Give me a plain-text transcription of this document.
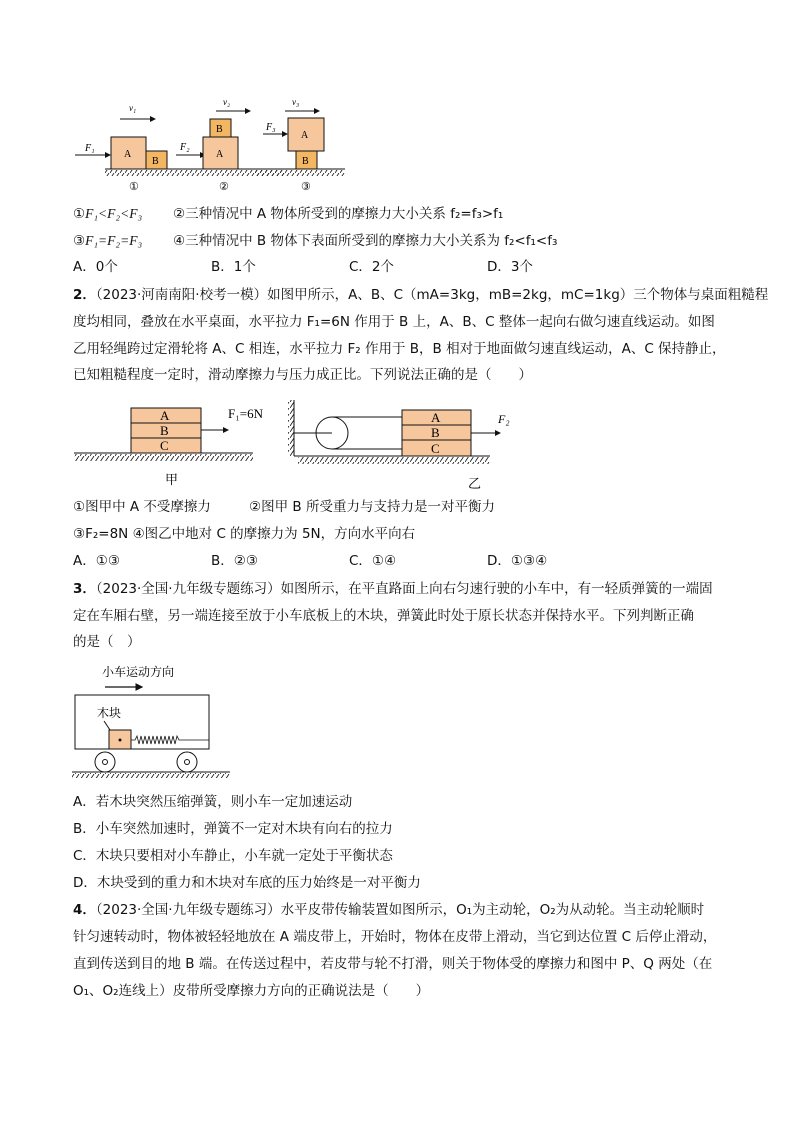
v₁
F₁
A
B
①
v₂
F₂
A
B
②
v₃
F₃
A
B
③
①F₁<F₂<F₃ ②三种情况中 A 物体所受到的摩擦力大小关系 f₂=f₃>f₁
③F₁=F₂=F₃ ④三种情况中 B 物体下表面所受到的摩擦力大小关系为 f₂<f₁<f₃
A．0个	B．1个	C．2个	D．3个
2．（2023·河南南阳·校考一模）如图甲所示，A、B、C（mA=3kg，mB=2kg，mC=1kg）三个物体与桌面粗糙程
度均相同，叠放在水平桌面，水平拉力 F₁=6N 作用于 B 上，A、B、C 整体一起向右做匀速直线运动。如图
乙用轻绳跨过定滑轮将 A、C 相连，水平拉力 F₂ 作用于 B，B 相对于地面做匀速直线运动，A、C 保持静止，
已知粗糙程度一定时，滑动摩擦力与压力成正比。下列说法正确的是（　　）
A
B
C
F₁=6N
甲
A
B
C
F₂
乙
①图甲中 A 不受摩擦力	②图甲 B 所受重力与支持力是一对平衡力
③F₂=8N ④图乙中地对 C 的摩擦力为 5N，方向水平向右
A．①③	B．②③	C．①④	D．①③④
3．（2023·全国·九年级专题练习）如图所示，在平直路面上向右匀速行驶的小车中，有一轻质弹簧的一端固
定在车厢右壁，另一端连接至放于小车底板上的木块，弹簧此时处于原长状态并保持水平。下列判断正确
的是（　）
小车运动方向
木块
A．若木块突然压缩弹簧，则小车一定加速运动
B．小车突然加速时，弹簧不一定对木块有向右的拉力
C．木块只要相对小车静止，小车就一定处于平衡状态
D．木块受到的重力和木块对车底的压力始终是一对平衡力
4．（2023·全国·九年级专题练习）水平皮带传输装置如图所示，O₁为主动轮，O₂为从动轮。当主动轮顺时
针匀速转动时，物体被轻轻地放在 A 端皮带上，开始时，物体在皮带上滑动，当它到达位置 C 后停止滑动，
直到传送到目的地 B 端。在传送过程中，若皮带与轮不打滑，则关于物体受的摩擦力和图中 P、Q 两处（在
O₁、O₂连线上）皮带所受摩擦力方向的正确说法是（　　）
